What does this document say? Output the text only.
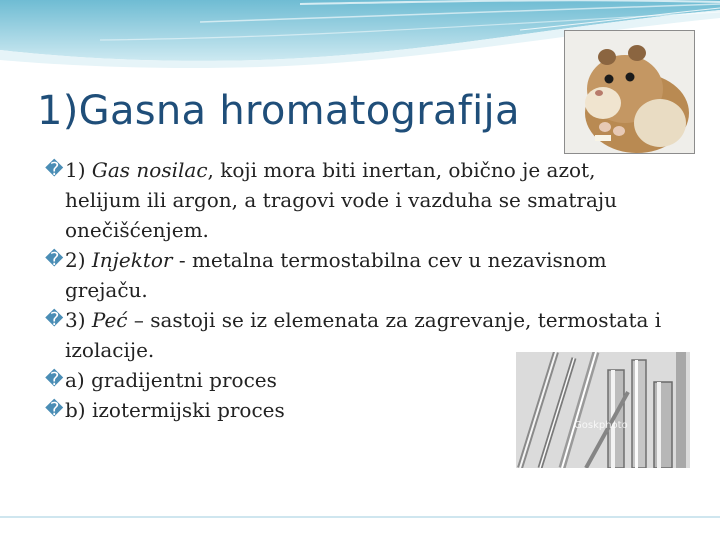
1)Gasna hromatografija
� 1) Gas nosilac, koji mora biti inertan, obično je azot, helijum ili argon, a tragovi vode i vazduha se smatraju onečišćenjem.
� 2) Injektor - metalna termostabilna cev u nezavisnom grejaču.
� 3) Peć – sastoji se iz elemenata za zagrevanje, termostata i izolacije.
� a) gradijentni proces
� b) izotermijski proces
Goskphoto
